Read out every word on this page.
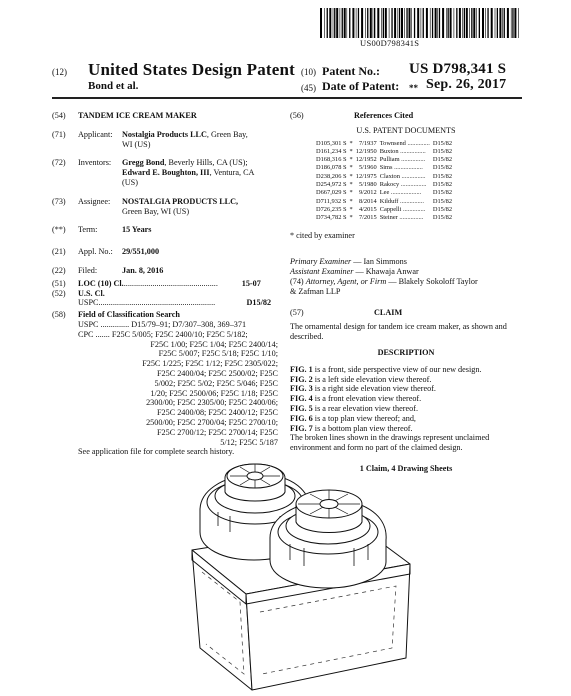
US00D798341S
(12) United States Design Patent
Bond et al.
(10) Patent No.: US D798,341 S
(45) Date of Patent: ** Sep. 26, 2017
(54) TANDEM ICE CREAM MAKER
(71) Applicant: Nostalgia Products LLC, Green Bay,
WI (US)
(72) Inventors: Gregg Bond, Beverly Hills, CA (US);
Edward E. Boughton, III, Ventura, CA
(US)
(73) Assignee: NOSTALGIA PRODUCTS LLC,
Green Bay, WI (US)
(**) Term:	15 Years
(21) Appl. No.: 29/551,000
(22) Filed:	Jan. 8, 2016
(51) LOC (10) Cl...............................................	15-07
(52) U.S. Cl.
USPC.........................................................	D15/82
(58) Field of Classification Search
USPC .............. D15/79–91; D7/307–308, 369–371
CPC ....... F25C 5/005; F25C 2400/10; F25C 5/182;
F25C 1/00; F25C 1/04; F25C 2400/14;
F25C 5/007; F25C 5/18; F25C 1/10;
F25C 1/225; F25C 1/12; F25C 2305/022;
F25C 2400/04; F25C 2500/02; F25C
5/002; F25C 5/02; F25C 5/046; F25C
1/20; F25C 2500/06; F25C 1/18; F25C
2300/00; F25C 2305/00; F25C 2400/06;
F25C 2400/08; F25C 2400/12; F25C
2500/00; F25C 2700/04; F25C 2700/10;
F25C 2700/12; F25C 2700/14; F25C
5/12; F25C 5/187
See application file for complete search history.
(56)	References Cited
U.S. PATENT DOCUMENTS
D105,301 S	*	7/1937	Townsend ..............	D15/82
D161,234 S	*	12/1950	Buxton ................	D15/82
D168,316 S	*	12/1952	Pulliam ...............	D15/82
D186,078 S	*	5/1960	Sims ..................	D15/82
D238,206 S	*	12/1975	Claxton ...............	D15/82
D254,972 S	*	5/1980	Rakocy ................	D15/82
D667,029 S	*	9/2012	Lee ...................	D15/82
D711,932 S	*	8/2014	Kilduff ...............	D15/82
D726,235 S	*	4/2015	Cappelli ..............	D15/82
D734,782 S	*	7/2015	Steiner ...............	D15/82
* cited by examiner
Primary Examiner — Ian Simmons
Assistant Examiner — Khawaja Anwar
(74) Attorney, Agent, or Firm — Blakely Sokoloff Taylor
& Zafman LLP
(57)	CLAIM
The ornamental design for tandem ice cream maker, as shown and described.
DESCRIPTION
FIG. 1 is a front, side perspective view of our new design.
FIG. 2 is a left side elevation view thereof.
FIG. 3 is a right side elevation view thereof.
FIG. 4 is a front elevation view thereof.
FIG. 5 is a rear elevation view thereof.
FIG. 6 is a top plan view thereof; and,
FIG. 7 is a bottom plan view thereof.
The broken lines shown in the drawings represent unclaimed environment and form no part of the claimed design.
1 Claim, 4 Drawing Sheets
